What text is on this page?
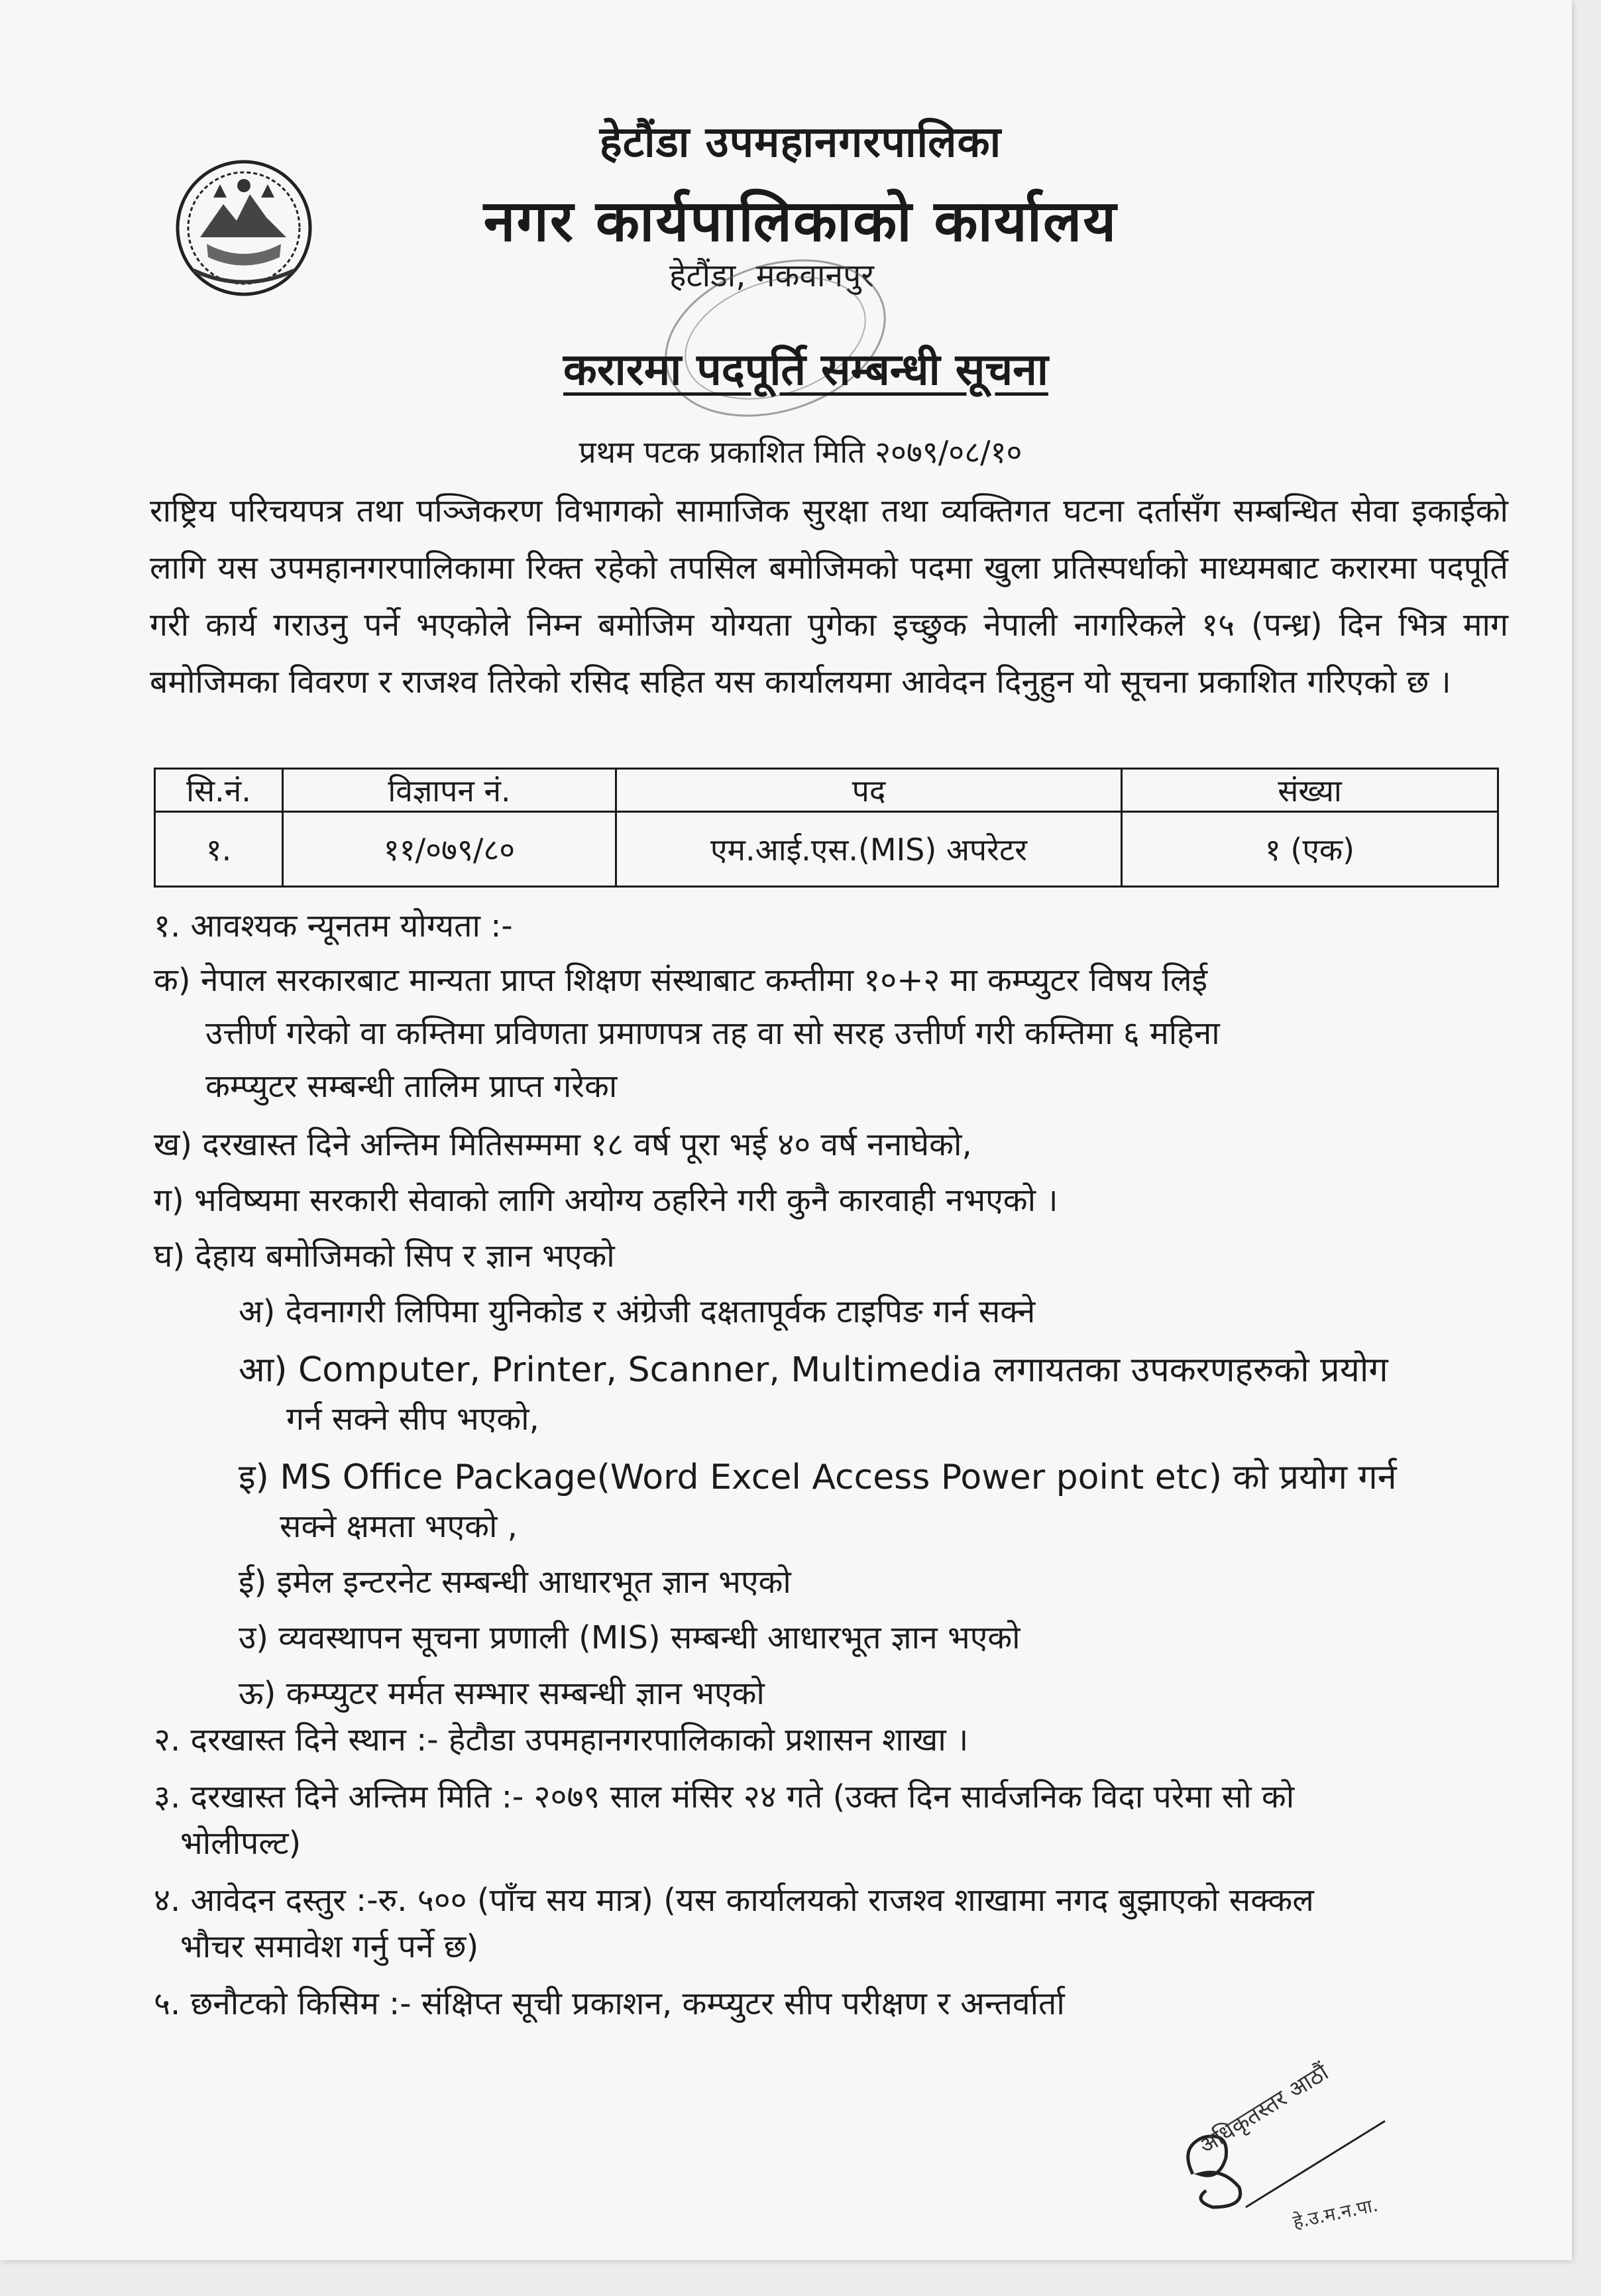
हेटौंडा उपमहानगरपालिका
नगर कार्यपालिकाको कार्यालय
हेटौंडा, मकवानपुर
करारमा पदपूर्ति सम्बन्धी सूचना
प्रथम पटक प्रकाशित मिति २०७९/०८/१०
राष्ट्रिय परिचयपत्र तथा पञ्जिकरण विभागको सामाजिक सुरक्षा तथा व्यक्तिगत घटना दर्तासँग सम्बन्धित सेवा इकाईको लागि यस उपमहानगरपालिकामा रिक्त रहेको तपसिल बमोजिमको पदमा खुला प्रतिस्पर्धाको माध्यमबाट करारमा पदपूर्ति गरी कार्य गराउनु पर्ने भएकोले निम्न बमोजिम योग्यता पुगेका इच्छुक नेपाली नागरिकले १५ (पन्ध्र) दिन भित्र माग बमोजिमका विवरण र राजश्व तिरेको रसिद सहित यस कार्यालयमा आवेदन दिनुहुन यो सूचना प्रकाशित गरिएको छ ।
सि.नं.	विज्ञापन नं.	पद	संख्या
१.	११/०७९/८०	एम.आई.एस.(MIS) अपरेटर	१ (एक)

१. आवश्यक न्यूनतम योग्यता :-

क) नेपाल सरकारबाट मान्यता प्राप्त शिक्षण संस्थाबाट कम्तीमा १०+२ मा कम्प्युटर विषय लिई

उत्तीर्ण गरेको वा कम्तिमा प्रविणता प्रमाणपत्र तह वा सो सरह उत्तीर्ण गरी कम्तिमा ६ महिना

कम्प्युटर सम्बन्धी तालिम प्राप्त गरेका

ख) दरखास्त दिने अन्तिम मितिसम्ममा १८ वर्ष पूरा भई ४० वर्ष ननाघेको,

ग) भविष्यमा सरकारी सेवाको लागि अयोग्य ठहरिने गरी कुनै कारवाही नभएको ।

घ) देहाय बमोजिमको सिप र ज्ञान भएको

अ) देवनागरी लिपिमा युनिकोड र अंग्रेजी दक्षतापूर्वक टाइपिङ गर्न सक्ने

आ) Computer, Printer, Scanner, Multimedia लगायतका उपकरणहरुको प्रयोग

गर्न सक्ने सीप भएको,

इ) MS Office Package(Word Excel Access Power point etc) को प्रयोग गर्न

सक्ने क्षमता भएको ,

ई) इमेल इन्टरनेट सम्बन्धी आधारभूत ज्ञान भएको

उ) व्यवस्थापन सूचना प्रणाली (MIS) सम्बन्धी आधारभूत ज्ञान भएको

ऊ) कम्प्युटर मर्मत सम्भार सम्बन्धी ज्ञान भएको

२. दरखास्त दिने स्थान :- हेटौडा उपमहानगरपालिकाको प्रशासन शाखा ।

३. दरखास्त दिने अन्तिम मिति :- २०७९ साल मंसिर २४ गते (उक्त दिन सार्वजनिक विदा परेमा सो को

भोलीपल्ट)

४. आवेदन दस्तुर :-रु. ५०० (पाँच सय मात्र) (यस कार्यालयको राजश्व शाखामा नगद बुझाएको सक्कल

भौचर समावेश गर्नु पर्ने छ)

५. छनौटको किसिम :- संक्षिप्त सूची प्रकाशन, कम्प्युटर सीप परीक्षण र अन्तर्वार्ता

अधिकृतस्तर आठौं
हे.उ.म.न.पा.
